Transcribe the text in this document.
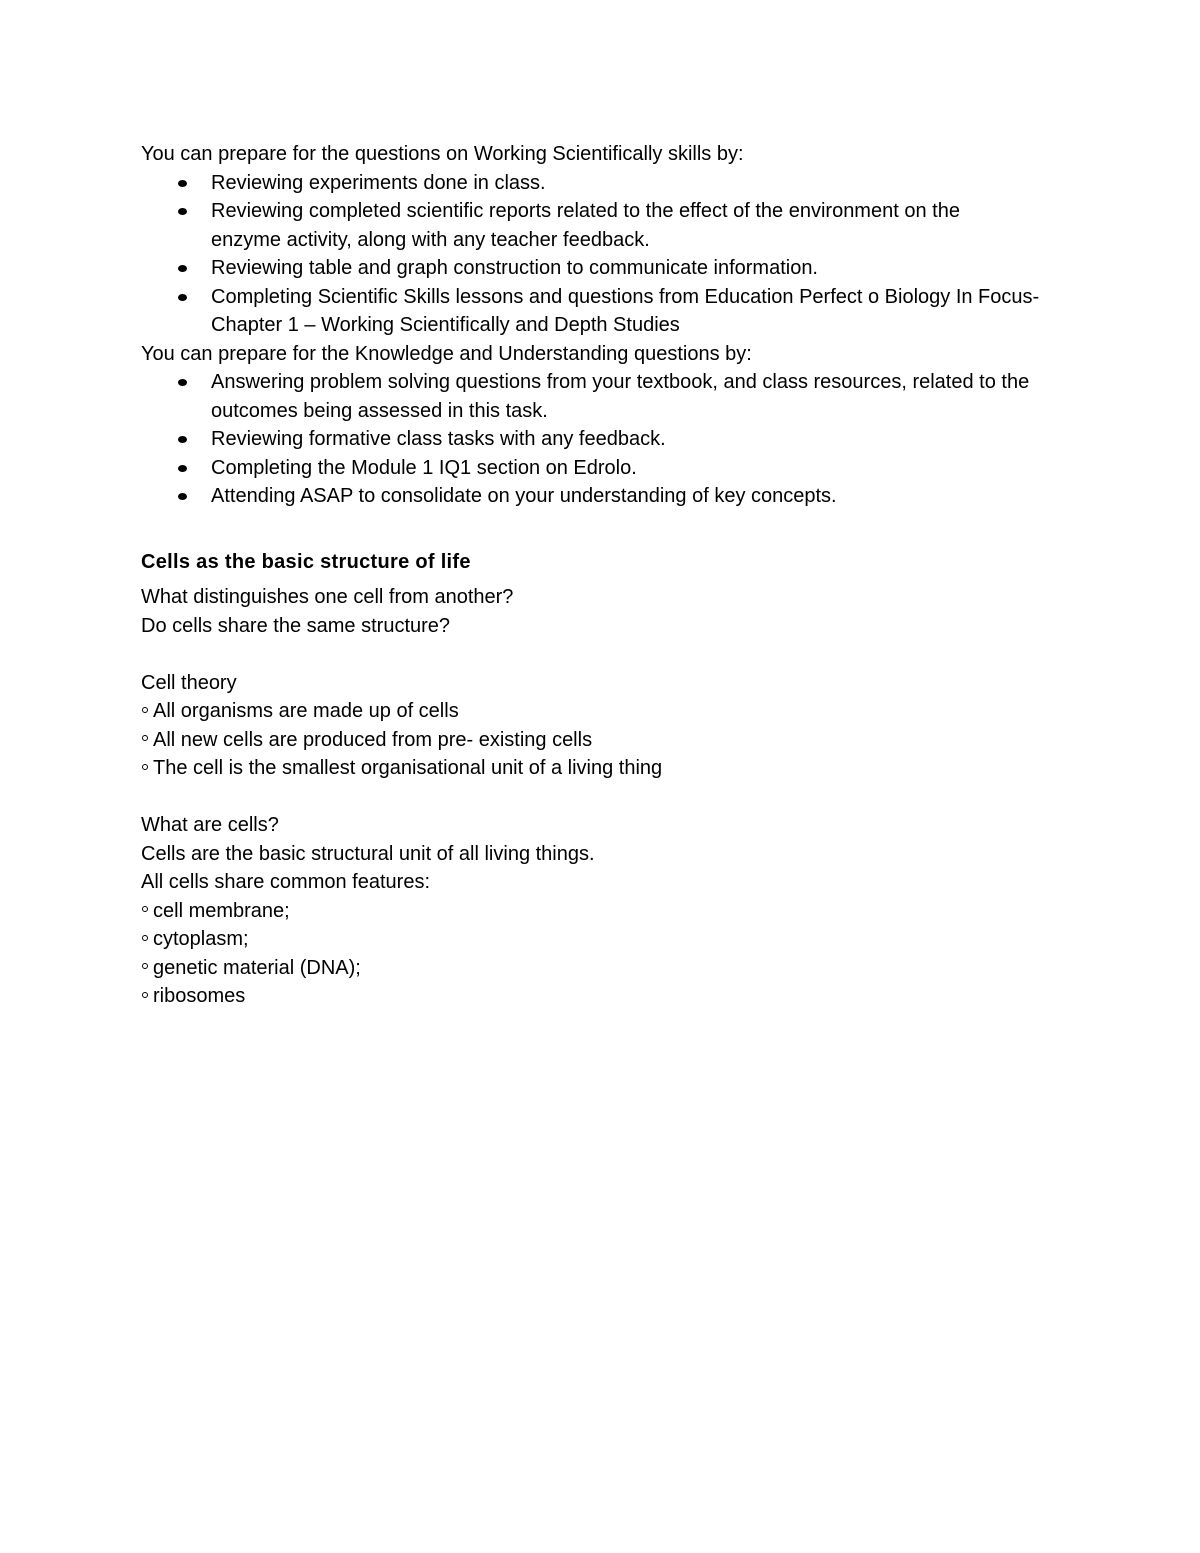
You can prepare for the questions on Working Scientifically skills by:

Reviewing experiments done in class.
Reviewing completed scientific reports related to the effect of the environment on the enzyme activity, along with any teacher feedback.
Reviewing table and graph construction to communicate information.
Completing Scientific Skills lessons and questions from Education Perfect o Biology In Focus- Chapter 1 – Working Scientifically and Depth Studies

You can prepare for the Knowledge and Understanding questions by:

Answering problem solving questions from your textbook, and class resources, related to the outcomes being assessed in this task.
Reviewing formative class tasks with any feedback.
Completing the Module 1 IQ1 section on Edrolo.
Attending ASAP to consolidate on your understanding of key concepts.

Cells as the basic structure of life

What distinguishes one cell from another?

Do cells share the same structure?

Cell theory

All organisms are made up of cells

All new cells are produced from pre- existing cells

The cell is the smallest organisational unit of a living thing

What are cells?

Cells are the basic structural unit of all living things.

All cells share common features:

cell membrane;

cytoplasm;

genetic material (DNA);

ribosomes
